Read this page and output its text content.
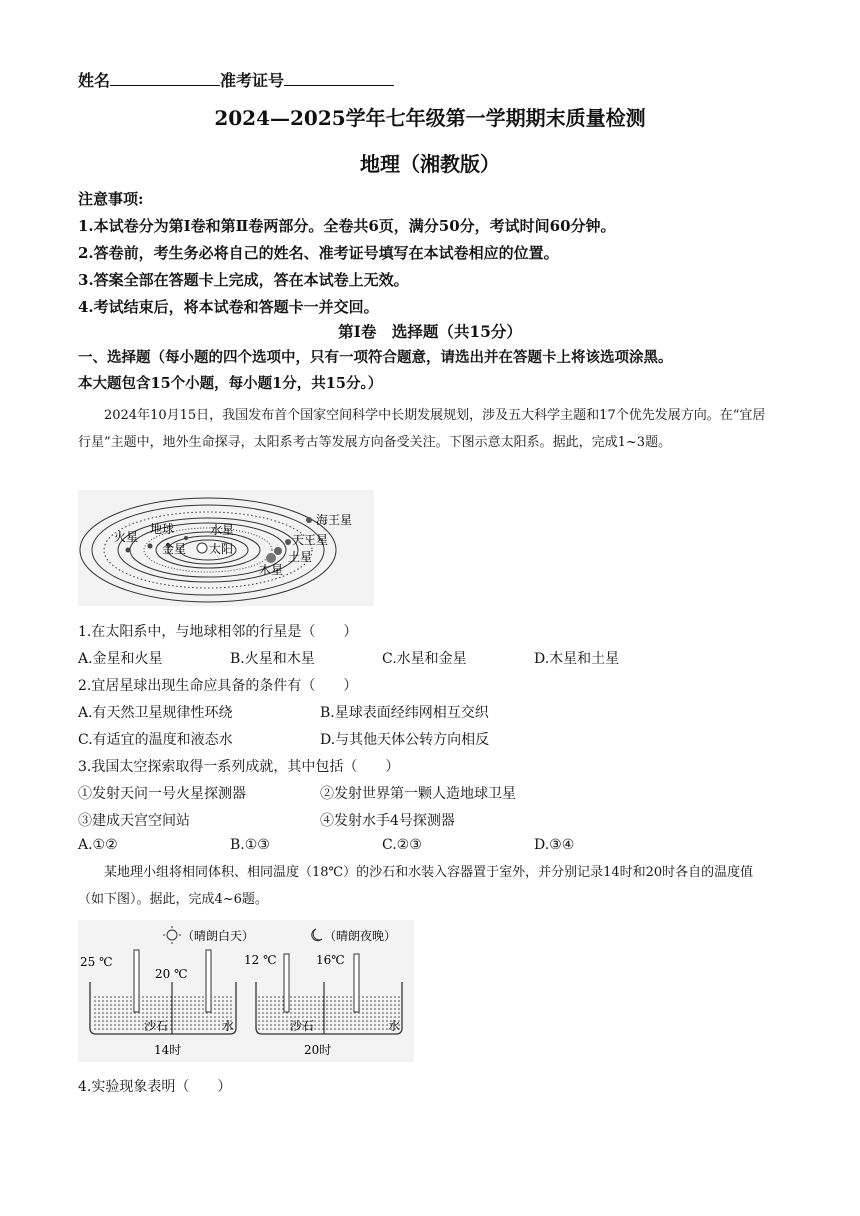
姓名	准考证号
2024—2025学年七年级第一学期期末质量检测
地理（湘教版）
注意事项:
1.本试卷分为第Ⅰ卷和第Ⅱ卷两部分。全卷共6页，满分50分，考试时间60分钟。
2.答卷前，考生务必将自己的姓名、准考证号填写在本试卷相应的位置。
3.答案全部在答题卡上完成，答在本试卷上无效。
4.考试结束后，将本试卷和答题卡一并交回。
第Ⅰ卷　选择题（共15分）
一、选择题（每小题的四个选项中，只有一项符合题意，请选出并在答题卡上将该选项涂黑。
本大题包含15个小题，每小题1分，共15分。）
2024年10月15日，我国发布首个国家空间科学中长期发展规划，涉及五大科学主题和17个优先发展方向。在“宜居行星”主题中，地外生命探寻，太阳系考古等发展方向备受关注。下图示意太阳系。据此，完成1~3题。
火星
地球	水星
金星 太阳
海王星
天王星
土星
木星
1.在太阳系中，与地球相邻的行星是（　　）
A.金星和火星	B.火星和木星	C.水星和金星	D.木星和土星
2.宜居星球出现生命应具备的条件有（　　）
A.有天然卫星规律性环绕	B.星球表面经纬网相互交织
C.有适宜的温度和液态水	D.与其他天体公转方向相反
3.我国太空探索取得一系列成就，其中包括（　　）
①发射天问一号火星探测器	②发射世界第一颗人造地球卫星
③建成天宫空间站	④发射水手4号探测器
A.①②	B.①③	C.②③	D.③④
某地理小组将相同体积、相同温度（18℃）的沙石和水装入容器置于室外，并分别记录14时和20时各自的温度值（如下图）。据此，完成4~6题。
（晴朗白天）	（晴朗夜晚）
25 ℃
20 ℃
沙石	水
14时
12 ℃	16℃
沙石	水
20时
4.实验现象表明（　　）
